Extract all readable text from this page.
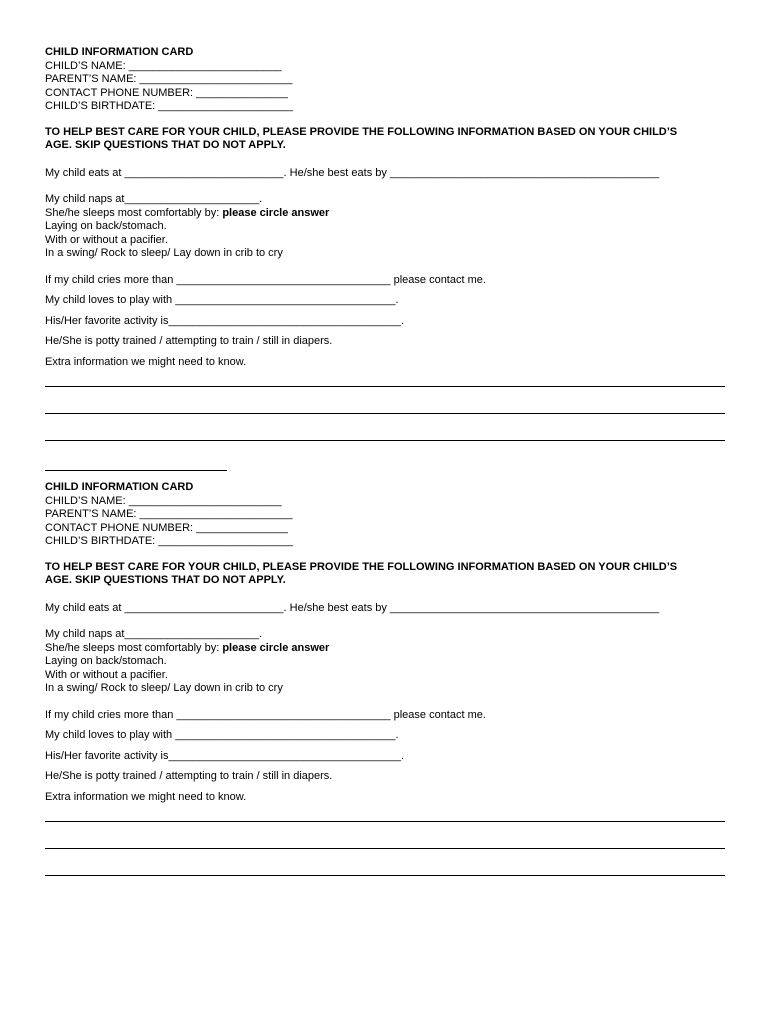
CHILD INFORMATION CARD
CHILD’S NAME: _________________________
PARENT’S NAME: _________________________
CONTACT PHONE NUMBER: _______________
CHILD’S BIRTHDATE: ______________________
TO HELP BEST CARE FOR YOUR CHILD, PLEASE PROVIDE THE FOLLOWING INFORMATION BASED ON YOUR CHILD’S
AGE. SKIP QUESTIONS THAT DO NOT APPLY.
My child eats at __________________________. He/she best eats by ____________________________________________
My child naps at______________________.
She/he sleeps most comfortably by: please circle answer
Laying on back/stomach.
With or without a pacifier.
In a swing/ Rock to sleep/ Lay down in crib to cry
If my child cries more than ___________________________________ please contact me.
My child loves to play with ____________________________________.
His/Her favorite activity is______________________________________.
He/She is potty trained / attempting to train / still in diapers.
Extra information we might need to know.
CHILD INFORMATION CARD
CHILD’S NAME: _________________________
PARENT’S NAME: _________________________
CONTACT PHONE NUMBER: _______________
CHILD’S BIRTHDATE: ______________________
TO HELP BEST CARE FOR YOUR CHILD, PLEASE PROVIDE THE FOLLOWING INFORMATION BASED ON YOUR CHILD’S
AGE. SKIP QUESTIONS THAT DO NOT APPLY.
My child eats at __________________________. He/she best eats by ____________________________________________
My child naps at______________________.
She/he sleeps most comfortably by: please circle answer
Laying on back/stomach.
With or without a pacifier.
In a swing/ Rock to sleep/ Lay down in crib to cry
If my child cries more than ___________________________________ please contact me.
My child loves to play with ____________________________________.
His/Her favorite activity is______________________________________.
He/She is potty trained / attempting to train / still in diapers.
Extra information we might need to know.
